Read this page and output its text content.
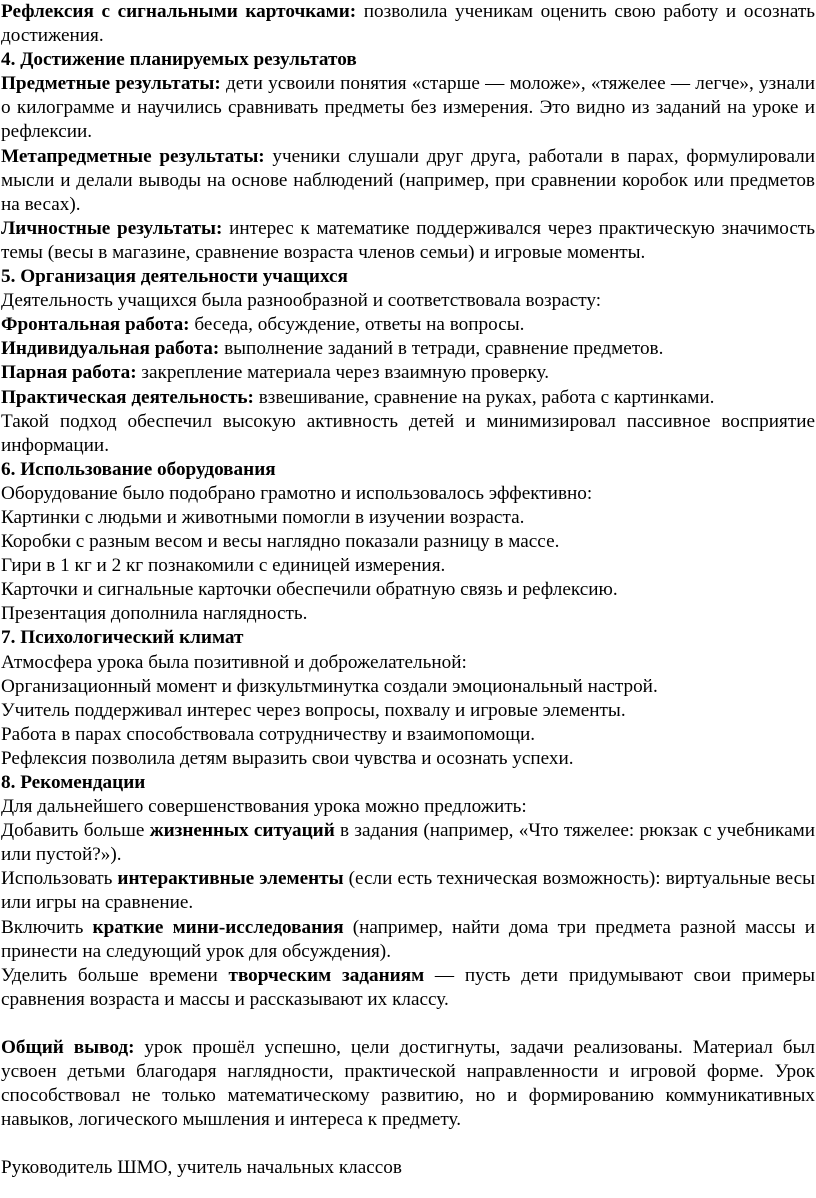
Рефлексия с сигнальными карточками: позволила ученикам оценить свою работу и осознать достижения.

4. Достижение планируемых результатов

Предметные результаты: дети усвоили понятия «старше — моложе», «тяжелее — легче», узнали о килограмме и научились сравнивать предметы без измерения. Это видно из заданий на уроке и рефлексии.

Метапредметные результаты: ученики слушали друг друга, работали в парах, формулировали мысли и делали выводы на основе наблюдений (например, при сравнении коробок или предметов на весах).

Личностные результаты: интерес к математике поддерживался через практическую значимость темы (весы в магазине, сравнение возраста членов семьи) и игровые моменты.

5. Организация деятельности учащихся

Деятельность учащихся была разнообразной и соответствовала возрасту:

Фронтальная работа: беседа, обсуждение, ответы на вопросы.

Индивидуальная работа: выполнение заданий в тетради, сравнение предметов.

Парная работа: закрепление материала через взаимную проверку.

Практическая деятельность: взвешивание, сравнение на руках, работа с картинками.

Такой подход обеспечил высокую активность детей и минимизировал пассивное восприятие информации.

6. Использование оборудования

Оборудование было подобрано грамотно и использовалось эффективно:

Картинки с людьми и животными помогли в изучении возраста.

Коробки с разным весом и весы наглядно показали разницу в массе.

Гири в 1 кг и 2 кг познакомили с единицей измерения.

Карточки и сигнальные карточки обеспечили обратную связь и рефлексию.

Презентация дополнила наглядность.

7. Психологический климат

Атмосфера урока была позитивной и доброжелательной:

Организационный момент и физкультминутка создали эмоциональный настрой.

Учитель поддерживал интерес через вопросы, похвалу и игровые элементы.

Работа в парах способствовала сотрудничеству и взаимопомощи.

Рефлексия позволила детям выразить свои чувства и осознать успехи.

8. Рекомендации

Для дальнейшего совершенствования урока можно предложить:

Добавить больше жизненных ситуаций в задания (например, «Что тяжелее: рюкзак с учебниками или пустой?»).

Использовать интерактивные элементы (если есть техническая возможность): виртуальные весы или игры на сравнение.

Включить краткие мини-исследования (например, найти дома три предмета разной массы и принести на следующий урок для обсуждения).

Уделить больше времени творческим заданиям — пусть дети придумывают свои примеры сравнения возраста и массы и рассказывают их классу.

Общий вывод: урок прошёл успешно, цели достигнуты, задачи реализованы. Материал был усвоен детьми благодаря наглядности, практической направленности и игровой форме. Урок способствовал не только математическому развитию, но и формированию коммуникативных навыков, логического мышления и интереса к предмету.

Руководитель ШМО, учитель начальных классов
